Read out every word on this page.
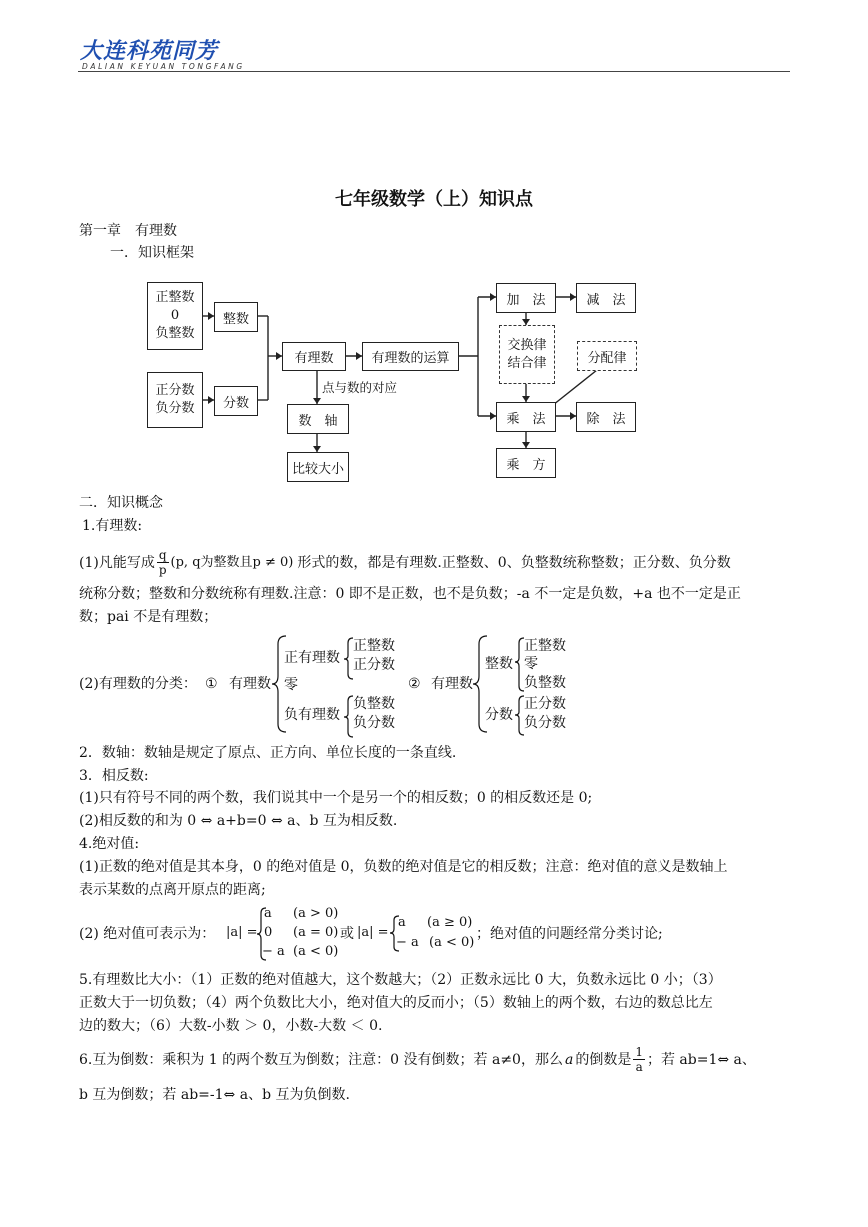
大连科苑同芳
DALIAN KEYUAN TONGFANG
七年级数学（上）知识点
第一章　有理数
一．知识框架
正整数
0
负整数
整数
正分数
负分数	分数
有理数	有理数的运算
点与数的对应
数　轴
比较大小
加　法	减　法
交换律
结合律	分配律
乘　法	除　法
乘　方
二．知识概念
1.有理数:
(1)凡能写成 $\frac{q}{p} (p$, q为整数且p ≠ 0) 形式的数，都是有理数.正整数、0、负整数统称整数；正分数、负分数
统称分数；整数和分数统称有理数.注意：0 即不是正数，也不是负数；-a 不一定是负数，+a 也不一定是正
数；pai 不是有理数；
(2)有理数的分类： ① 有理数
正有理数
正整数
正分数
零
负有理数
负整数
负分数
② 有理数
整数
正整数
零
负整数
分数
正分数
负分数
2．数轴：数轴是规定了原点、正方向、单位长度的一条直线.
3．相反数:
(1)只有符号不同的两个数，我们说其中一个是另一个的相反数；0 的相反数还是 0;
(2)相反数的和为 0 ⇔ a+b=0 ⇔ a、b 互为相反数.
4.绝对值:
(1)正数的绝对值是其本身，0 的绝对值是 0，负数的绝对值是它的相反数；注意：绝对值的意义是数轴上
表示某数的点离开原点的距离;
(2) 绝对值可表示为： |a| =
a (a > 0)
0 (a = 0)
− a (a < 0)
或 |a| =
a (a ≥ 0)
− a (a < 0)
；绝对值的问题经常分类讨论;
5.有理数比大小：（1）正数的绝对值越大，这个数越大；（2）正数永远比 0 大，负数永远比 0 小；（3）
正数大于一切负数；（4）两个负数比大小，绝对值大的反而小；（5）数轴上的两个数，右边的数总比左
边的数大；（6）大数-小数 ＞ 0，小数-大数 ＜ 0.
6.互为倒数：乘积为 1 的两个数互为倒数；注意：0 没有倒数；若 a≠0，那么 a 的倒数是 $\frac{1}{a}$ ；若 ab=1⇔ a、
b 互为倒数；若 ab=-1⇔ a、b 互为负倒数.
